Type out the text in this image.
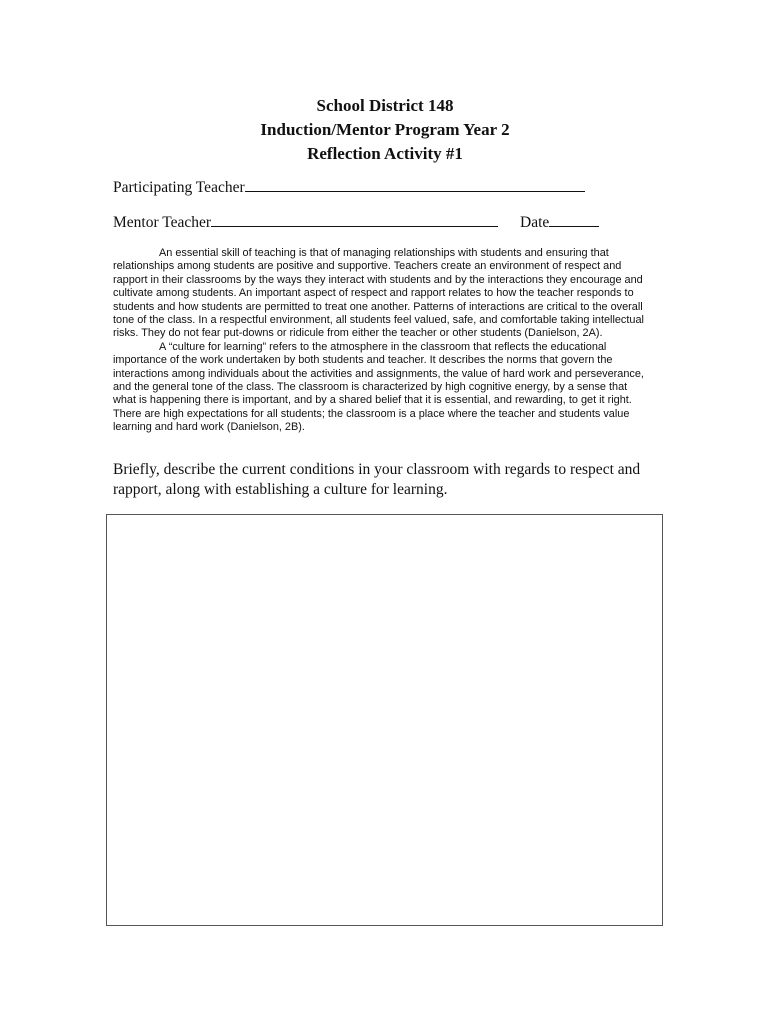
School District 148
Induction/Mentor Program Year 2
Reflection Activity #1
Participating Teacher
Mentor Teacher	Date

An essential skill of teaching is that of managing relationships with students and ensuring that relationships among students are positive and supportive. Teachers create an environment of respect and rapport in their classrooms by the ways they interact with students and by the interactions they encourage and cultivate among students. An important aspect of respect and rapport relates to how the teacher responds to students and how students are permitted to treat one another. Patterns of interactions are critical to the overall tone of the class. In a respectful environment, all students feel valued, safe, and comfortable taking intellectual risks. They do not fear put-downs or ridicule from either the teacher or other students (Danielson, 2A).

A “culture for learning” refers to the atmosphere in the classroom that reflects the educational importance of the work undertaken by both students and teacher. It describes the norms that govern the interactions among individuals about the activities and assignments, the value of hard work and perseverance, and the general tone of the class. The classroom is characterized by high cognitive energy, by a sense that what is happening there is important, and by a shared belief that it is essential, and rewarding, to get it right. There are high expectations for all students; the classroom is a place where the teacher and students value learning and hard work (Danielson, 2B).

Briefly, describe the current conditions in your classroom with regards to respect and rapport, along with establishing a culture for learning.
